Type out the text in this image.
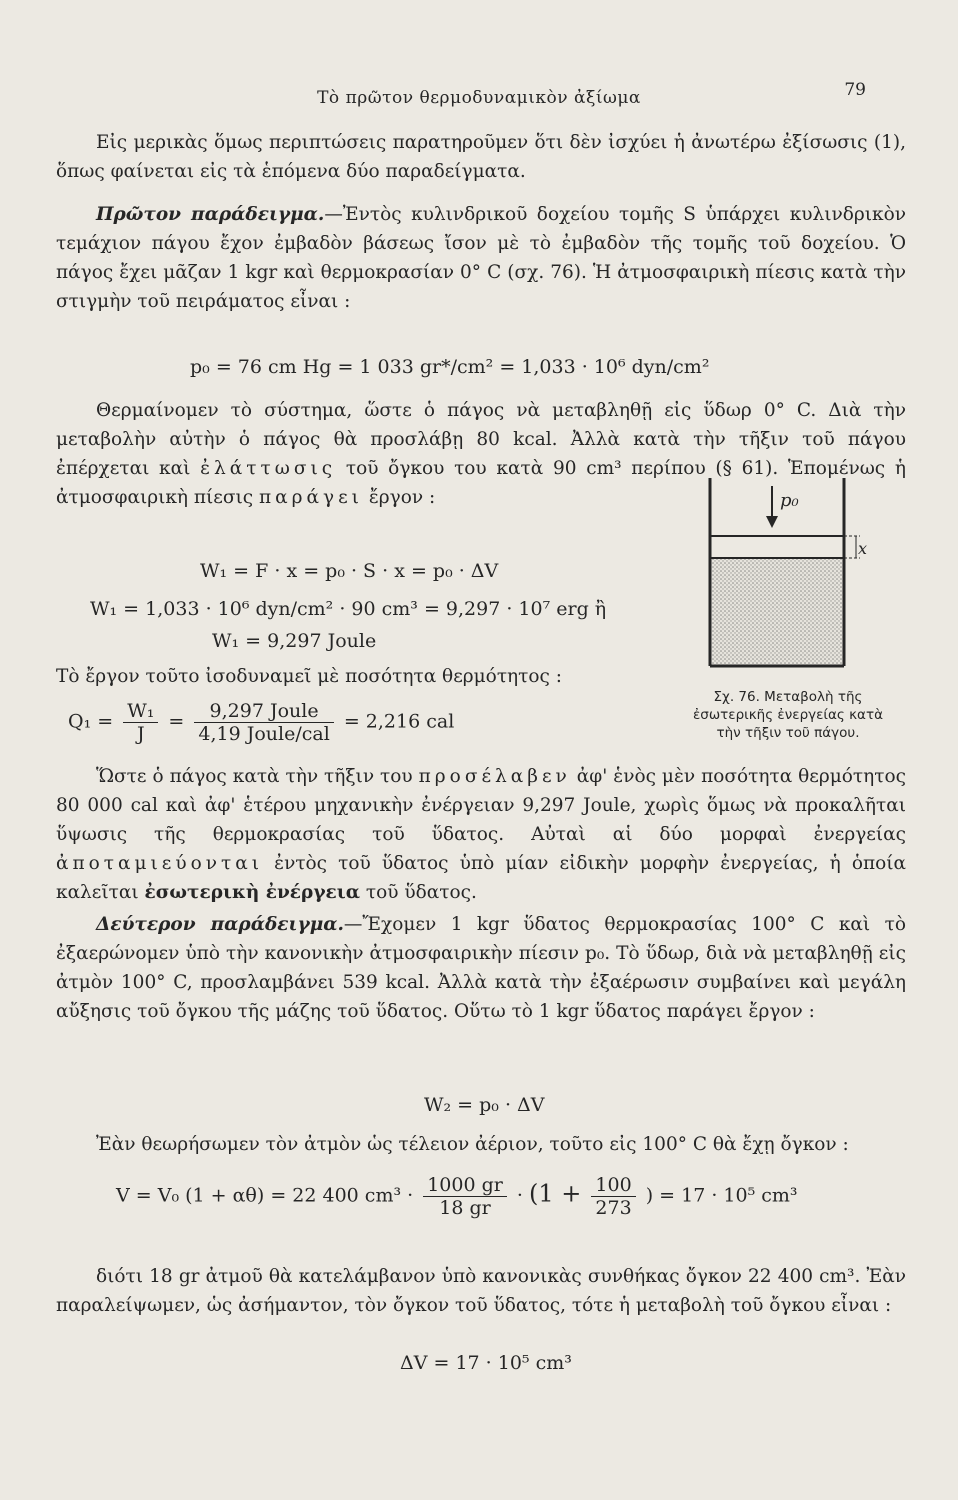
Τὸ πρῶτον θερμοδυναμικὸν ἀξίωμα	79

Εἰς μερικὰς ὅμως περιπτώσεις παρατηροῦμεν ὅτι δὲν ἰσχύει ἡ ἀνωτέρω ἐξίσωσις (1), ὅπως φαίνεται εἰς τὰ ἑπόμενα δύο παραδείγματα.

Πρῶτον παράδειγμα.—Ἐντὸς κυλινδρικοῦ δοχείου τομῆς S ὑπάρχει κυλινδρικὸν τεμάχιον πάγου ἔχον ἐμβαδὸν βάσεως ἴσον μὲ τὸ ἐμβαδὸν τῆς τομῆς τοῦ δοχείου. Ὁ πάγος ἔχει μᾶζαν 1 kgr καὶ θερμοκρασίαν 0° C (σχ. 76). Ἡ ἀτμοσφαιρικὴ πίεσις κατὰ τὴν στιγμὴν τοῦ πειράματος εἶναι :

p₀ = 76 cm Hg = 1 033 gr*/cm² = 1,033 · 10⁶ dyn/cm²

Θερμαίνομεν τὸ σύστημα, ὥστε ὁ πάγος νὰ μεταβληθῇ εἰς ὕδωρ 0° C. Διὰ τὴν μεταβολὴν αὐτὴν ὁ πάγος θὰ προσλάβῃ 80 kcal. Ἀλλὰ κατὰ τὴν τῆξιν τοῦ πάγου ἐπέρχεται καὶ ἐλάττωσις τοῦ ὄγκου του κατὰ 90 cm³ περίπου (§ 61). Ἑπομένως ἡ ἀτμοσφαιρικὴ πίεσις παράγει ἔργον :

W₁ = F · x = p₀ · S · x = p₀ · ΔV
W₁ = 1,033 · 10⁶ dyn/cm² · 90 cm³ = 9,297 · 10⁷ erg ἢ
W₁ = 9,297 Joule
Τὸ ἔργον τοῦτο ἰσοδυναμεῖ μὲ ποσότητα θερμότητος :
$Q_1 = \frac{\text{W₁}}{J} = \frac{\text{9,297 Joule}}{\text{4,19 Joule/cal}} = 2,216$ cal
p₀
x
Σχ. 76. Μεταβολὴ τῆς ἐσωτερικῆς ἐνεργείας κατὰ τὴν τῆξιν τοῦ πάγου.

Ὥστε ὁ πάγος κατὰ τὴν τῆξιν του προσέλαβεν ἀφ' ἑνὸς μὲν ποσότητα θερμότητος 80 000 cal καὶ ἀφ' ἑτέρου μηχανικὴν ἐνέργειαν 9,297 Joule, χωρὶς ὅμως νὰ προκαλῆται ὕψωσις τῆς θερμοκρασίας τοῦ ὕδατος. Αὐταὶ αἱ δύο μορφαὶ ἐνεργείας ἀποταμιεύονται ἐντὸς τοῦ ὕδατος ὑπὸ μίαν εἰδικὴν μορφὴν ἐνεργείας, ἡ ὁποία καλεῖται ἐσωτερικὴ ἐνέργεια τοῦ ὕδατος.

Δεύτερον παράδειγμα.—Ἔχομεν 1 kgr ὕδατος θερμοκρασίας 100° C καὶ τὸ ἐξαερώνομεν ὑπὸ τὴν κανονικὴν ἀτμοσφαιρικὴν πίεσιν p₀. Τὸ ὕδωρ, διὰ νὰ μεταβληθῇ εἰς ἀτμὸν 100° C, προσλαμβάνει 539 kcal. Ἀλλὰ κατὰ τὴν ἐξαέρωσιν συμβαίνει καὶ μεγάλη αὔξησις τοῦ ὄγκου τῆς μάζης τοῦ ὕδατος. Οὕτω τὸ 1 kgr ὕδατος παράγει ἔργον :

W₂ = p₀ · ΔV

Ἐὰν θεωρήσωμεν τὸν ἀτμὸν ὡς τέλειον ἀέριον, τοῦτο εἰς 100° C θὰ ἔχῃ ὄγκον :

V = V₀ (1 + αθ) = 22 400 $cm^3 \cdot \frac{1000 gr}{18 gr} \cdot (1 + \frac{100}{273}$ ) = 17 · 10⁵ cm³

διότι 18 gr ἀτμοῦ θὰ κατελάμβανον ὑπὸ κανονικὰς συνθήκας ὄγκον 22 400 cm³. Ἐὰν παραλείψωμεν, ὡς ἀσήμαντον, τὸν ὄγκον τοῦ ὕδατος, τότε ἡ μεταβολὴ τοῦ ὄγκου εἶναι :

ΔV = 17 · 10⁵ cm³
